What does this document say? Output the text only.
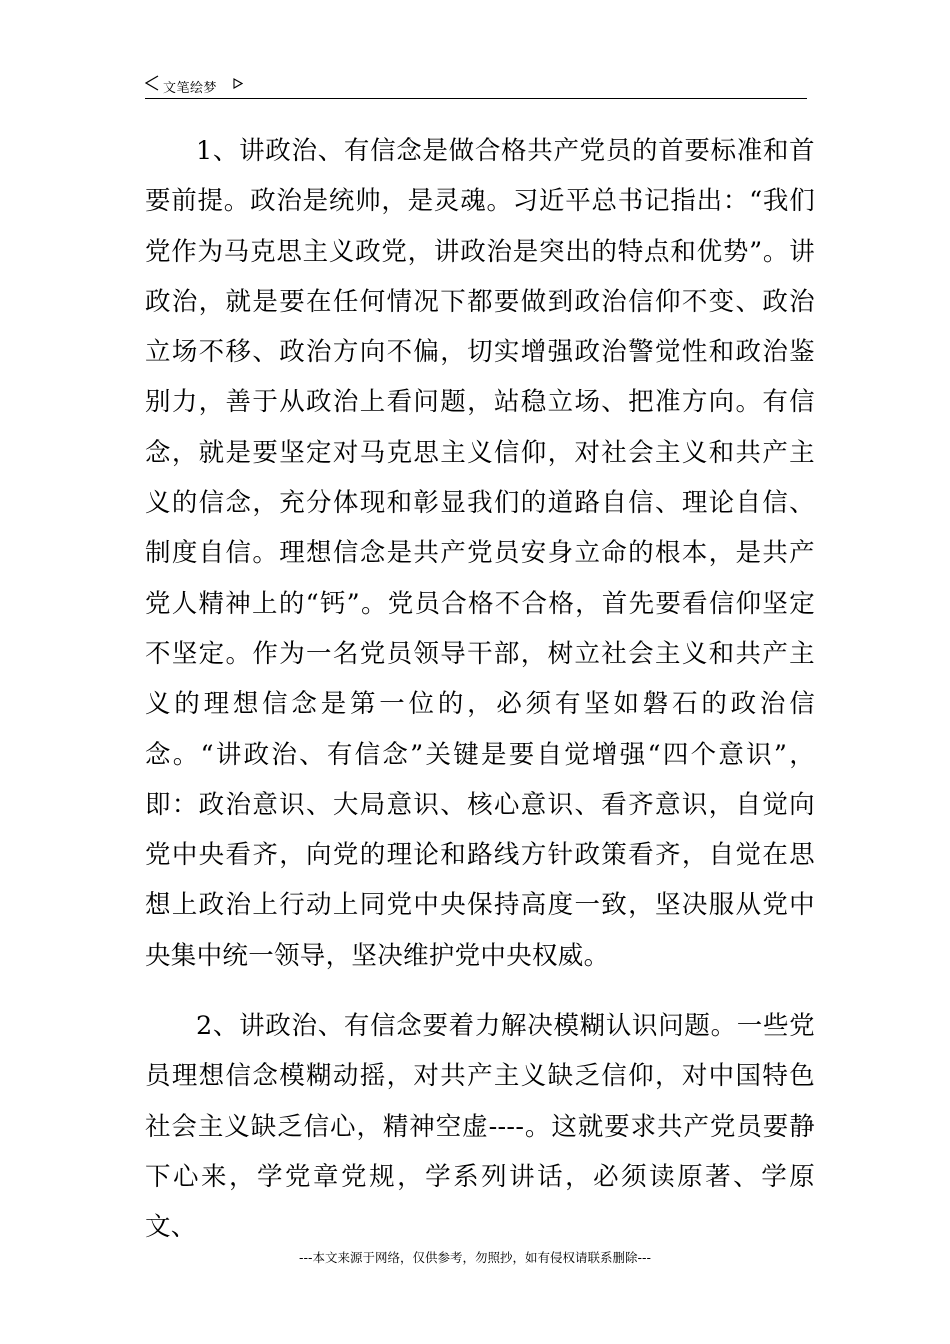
文笔绘梦

1、讲政治、有信念是做合格共产党员的首要标准和首要前提。政治是统帅，是灵魂。习近平总书记指出：“我们党作为马克思主义政党，讲政治是突出的特点和优势”。讲政治，就是要在任何情况下都要做到政治信仰不变、政治立场不移、政治方向不偏，切实增强政治警觉性和政治鉴别力，善于从政治上看问题，站稳立场、把准方向。有信念，就是要坚定对马克思主义信仰，对社会主义和共产主义的信念，充分体现和彰显我们的道路自信、理论自信、制度自信。理想信念是共产党员安身立命的根本，是共产党人精神上的“钙”。党员合格不合格，首先要看信仰坚定不坚定。作为一名党员领导干部，树立社会主义和共产主义的理想信念是第一位的，必须有坚如磐石的政治信念。“讲政治、有信念”关键是要自觉增强“四个意识”，即：政治意识、大局意识、核心意识、看齐意识，自觉向党中央看齐，向党的理论和路线方针政策看齐，自觉在思想上政治上行动上同党中央保持高度一致，坚决服从党中央集中统一领导，坚决维护党中央权威。

2、讲政治、有信念要着力解决模糊认识问题。一些党员理想信念模糊动摇，对共产主义缺乏信仰，对中国特色社会主义缺乏信心，精神空虚----。这就要求共产党员要静下心来，学党章党规，学系列讲话，必须读原著、学原文、

---本文来源于网络，仅供参考，勿照抄，如有侵权请联系删除---
